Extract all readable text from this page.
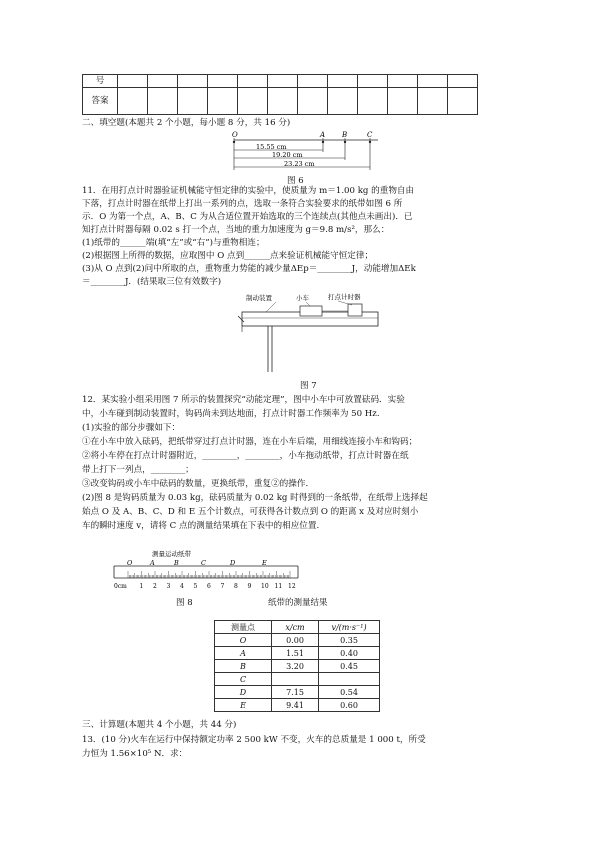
号												
答案												
二、填空题(本题共 2 个小题，每小题 8 分，共 16 分)
O	A B	C
15.55 cm
19.20 cm
23.23 cm
图 6
11．在用打点计时器验证机械能守恒定律的实验中，使质量为 m＝1.00 kg 的重物自由
下落，打点计时器在纸带上打出一系列的点，选取一条符合实验要求的纸带如图 6 所
示．O 为第一个点，A、B、C 为从合适位置开始选取的三个连续点(其他点未画出)．已
知打点计时器每隔 0.02 s 打一个点，当地的重力加速度为 g＝9.8 m/s²，那么：
(1)纸带的______端(填“左”或“右”)与重物相连；
(2)根据图上所得的数据，应取图中 O 点到______点来验证机械能守恒定律；
(3)从 O 点到(2)问中所取的点，重物重力势能的减少量ΔEp＝________J，动能增加ΔEk
＝________J．(结果取三位有效数字)
制动装置	小车	打点计时器
图 7
12．某实验小组采用图 7 所示的装置探究“动能定理”，图中小车中可放置砝码．实验
中，小车碰到制动装置时，钩码尚未到达地面，打点计时器工作频率为 50 Hz.
(1)实验的部分步骤如下：
①在小车中放入砝码，把纸带穿过打点计时器，连在小车后端，用细线连接小车和钩码；
②将小车停在打点计时器附近，________，________，小车拖动纸带，打点计时器在纸
带上打下一列点，________；
③改变钩码或小车中砝码的数量，更换纸带，重复②的操作．
(2)图 8 是钩码质量为 0.03 kg，砝码质量为 0.02 kg 时得到的一条纸带，在纸带上选择起
始点 O 及 A、B、C、D 和 E 五个计数点，可获得各计数点到 O 的距离 x 及对应时刻小
车的瞬时速度 v，请将 C 点的测量结果填在下表中的相应位置.
测量运动纸带
O	A	B	C	D	E
0cm 1 2 3 4 5 6 7 8 9 10 11 12
图 8	纸带的测量结果
测量点	x/cm	v/(m·s⁻¹)
O	0.00	0.35
A	1.51	0.40
B	3.20	0.45
C		
D	7.15	0.54
E	9.41	0.60
三、计算题(本题共 4 个小题，共 44 分)
13．(10 分)火车在运行中保持额定功率 2 500 kW 不变，火车的总质量是 1 000 t，所受
力恒为 1.56×10⁵ N．求：
